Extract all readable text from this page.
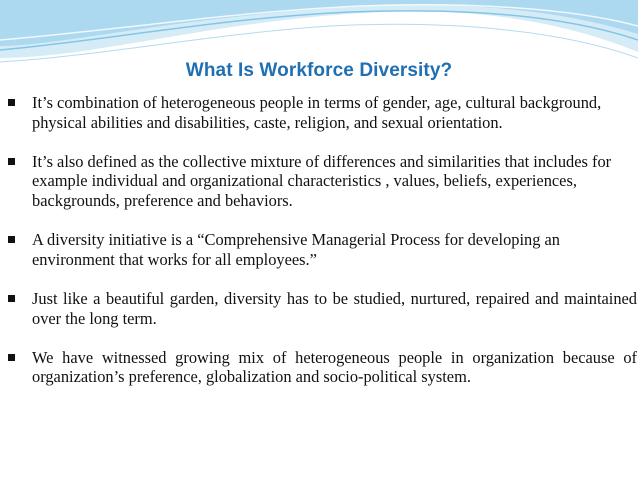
What Is Workforce Diversity?
It’s combination of heterogeneous people in terms of gender, age, cultural background, physical abilities and disabilities, caste, religion, and sexual orientation.
It’s also defined as the collective mixture of differences and similarities that includes for example individual and organizational characteristics , values, beliefs, experiences, backgrounds, preference and behaviors.
A diversity initiative is a “Comprehensive Managerial Process for developing an environment that works for all employees.”
Just like a beautiful garden, diversity has to be studied, nurtured, repaired and maintained over the long term.
We have witnessed growing mix of heterogeneous people in organization because of organization’s preference, globalization and socio-political system.
